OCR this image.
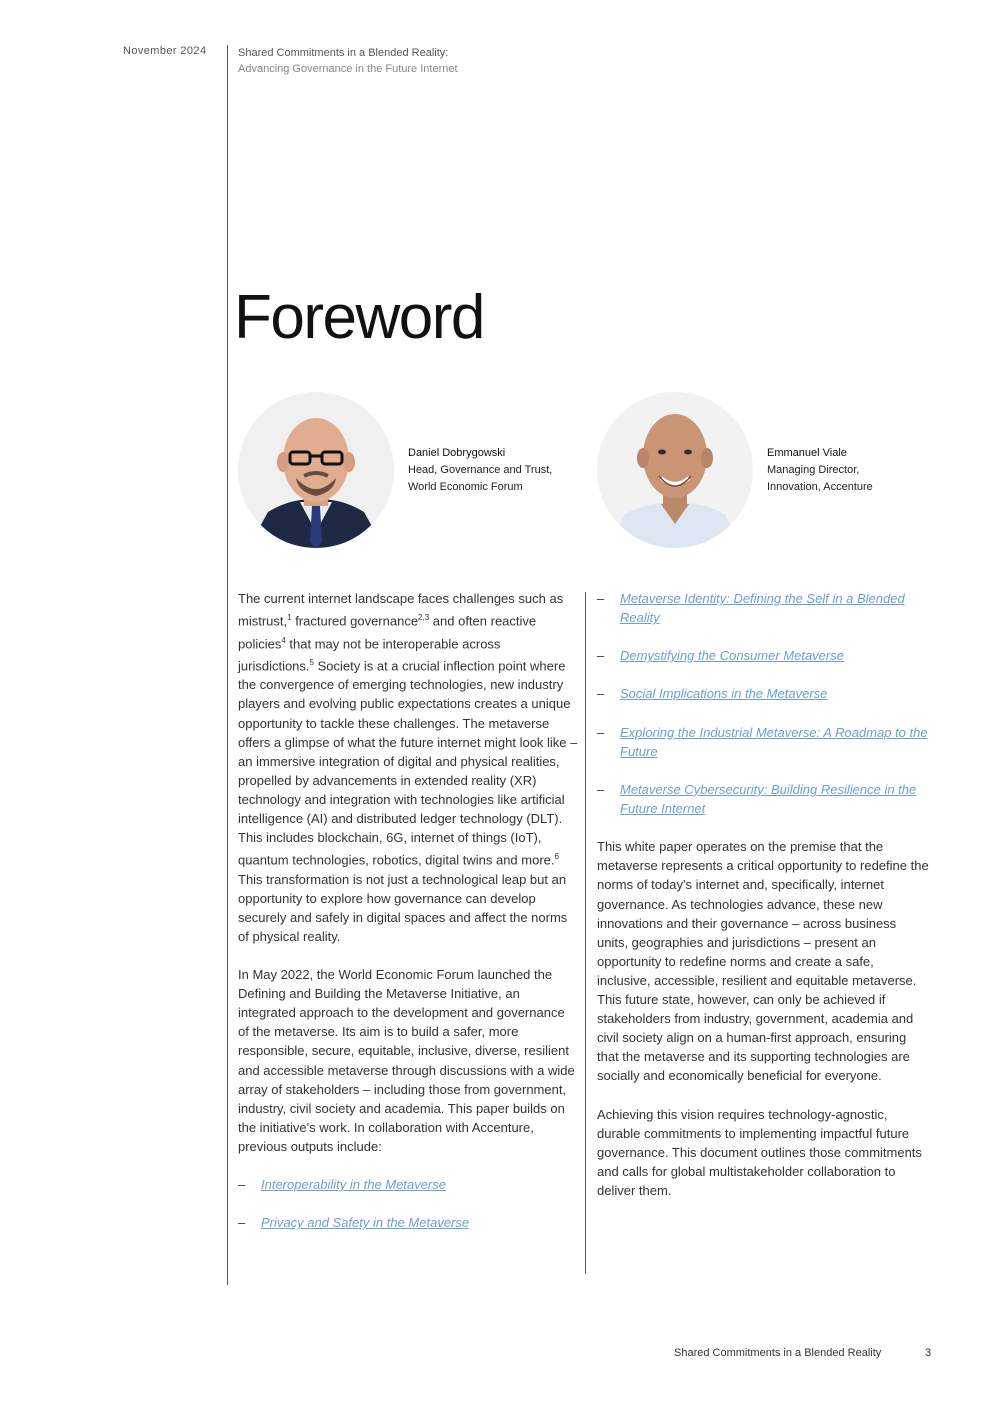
November 2024	Shared Commitments in a Blended Reality:
Advancing Governance in the Future Internet
Foreword
Daniel Dobrygowski
Head, Governance and Trust,
World Economic Forum
Emmanuel Viale
Managing Director,
Innovation, Accenture

The current internet landscape faces challenges such as mistrust,$^1$ fractured governance$^{2,3}$ and often reactive policies$^4$ that may not be interoperable across jurisdictions.$^5$ Society is at a crucial inflection point where the convergence of emerging technologies, new industry players and evolving public expectations creates a unique opportunity to tackle these challenges. The metaverse offers a glimpse of what the future internet might look like – an immersive integration of digital and physical realities, propelled by advancements in extended reality (XR) technology and integration with technologies like artificial intelligence (AI) and distributed ledger technology (DLT). This includes blockchain, 6G, internet of things (IoT), quantum technologies, robotics, digital twins and more.$^6$ This transformation is not just a technological leap but an opportunity to explore how governance can develop securely and safely in digital spaces and affect the norms of physical reality.

In May 2022, the World Economic Forum launched the Defining and Building the Metaverse Initiative, an integrated approach to the development and governance of the metaverse. Its aim is to build a safer, more responsible, secure, equitable, inclusive, diverse, resilient and accessible metaverse through discussions with a wide array of stakeholders – including those from government, industry, civil society and academia. This paper builds on the initiative's work. In collaboration with Accenture, previous outputs include:

– Interoperability in the Metaverse
– Privacy and Safety in the Metaverse
– Metaverse Identity: Defining the Self in a Blended Reality
– Demystifying the Consumer Metaverse
– Social Implications in the Metaverse
– Exploring the Industrial Metaverse: A Roadmap to the Future
– Metaverse Cybersecurity: Building Resilience in the Future Internet

This white paper operates on the premise that the metaverse represents a critical opportunity to redefine the norms of today's internet and, specifically, internet governance. As technologies advance, these new innovations and their governance – across business units, geographies and jurisdictions – present an opportunity to redefine norms and create a safe, inclusive, accessible, resilient and equitable metaverse. This future state, however, can only be achieved if stakeholders from industry, government, academia and civil society align on a human-first approach, ensuring that the metaverse and its supporting technologies are socially and economically beneficial for everyone.

Achieving this vision requires technology-agnostic, durable commitments to implementing impactful future governance. This document outlines those commitments and calls for global multistakeholder collaboration to deliver them.

Shared Commitments in a Blended Reality	3
